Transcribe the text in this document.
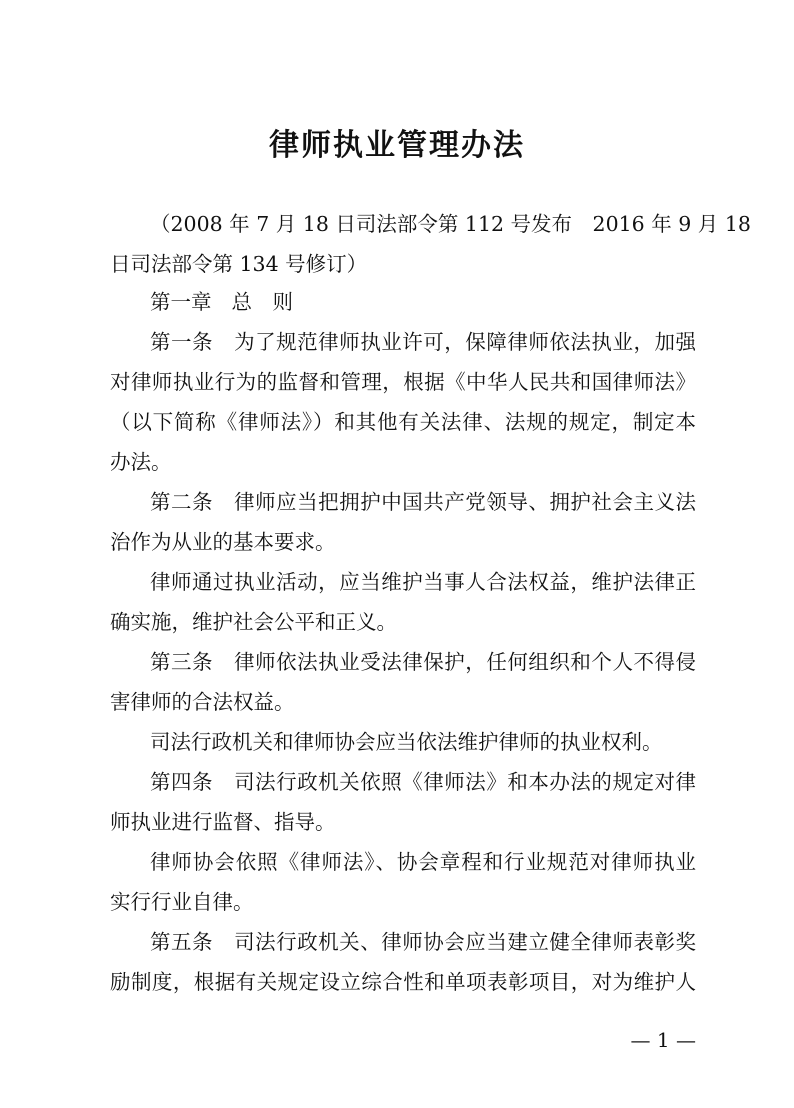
律师执业管理办法
（2008 年 7 月 18 日司法部令第 112 号发布　2016 年 9 月 18
日司法部令第 134 号修订）
第一章 总　则
第一条　为了规范律师执业许可，保障律师依法执业，加强
对律师执业行为的监督和管理，根据《中华人民共和国律师法》
（以下简称《律师法》）和其他有关法律、法规的规定，制定本
办法。
第二条　律师应当把拥护中国共产党领导、拥护社会主义法
治作为从业的基本要求。
律师通过执业活动，应当维护当事人合法权益，维护法律正
确实施，维护社会公平和正义。
第三条　律师依法执业受法律保护，任何组织和个人不得侵
害律师的合法权益。
司法行政机关和律师协会应当依法维护律师的执业权利。
第四条　司法行政机关依照《律师法》和本办法的规定对律
师执业进行监督、指导。
律师协会依照《律师法》、协会章程和行业规范对律师执业
实行行业自律。
第五条　司法行政机关、律师协会应当建立健全律师表彰奖
励制度，根据有关规定设立综合性和单项表彰项目，对为维护人
— 1 —
